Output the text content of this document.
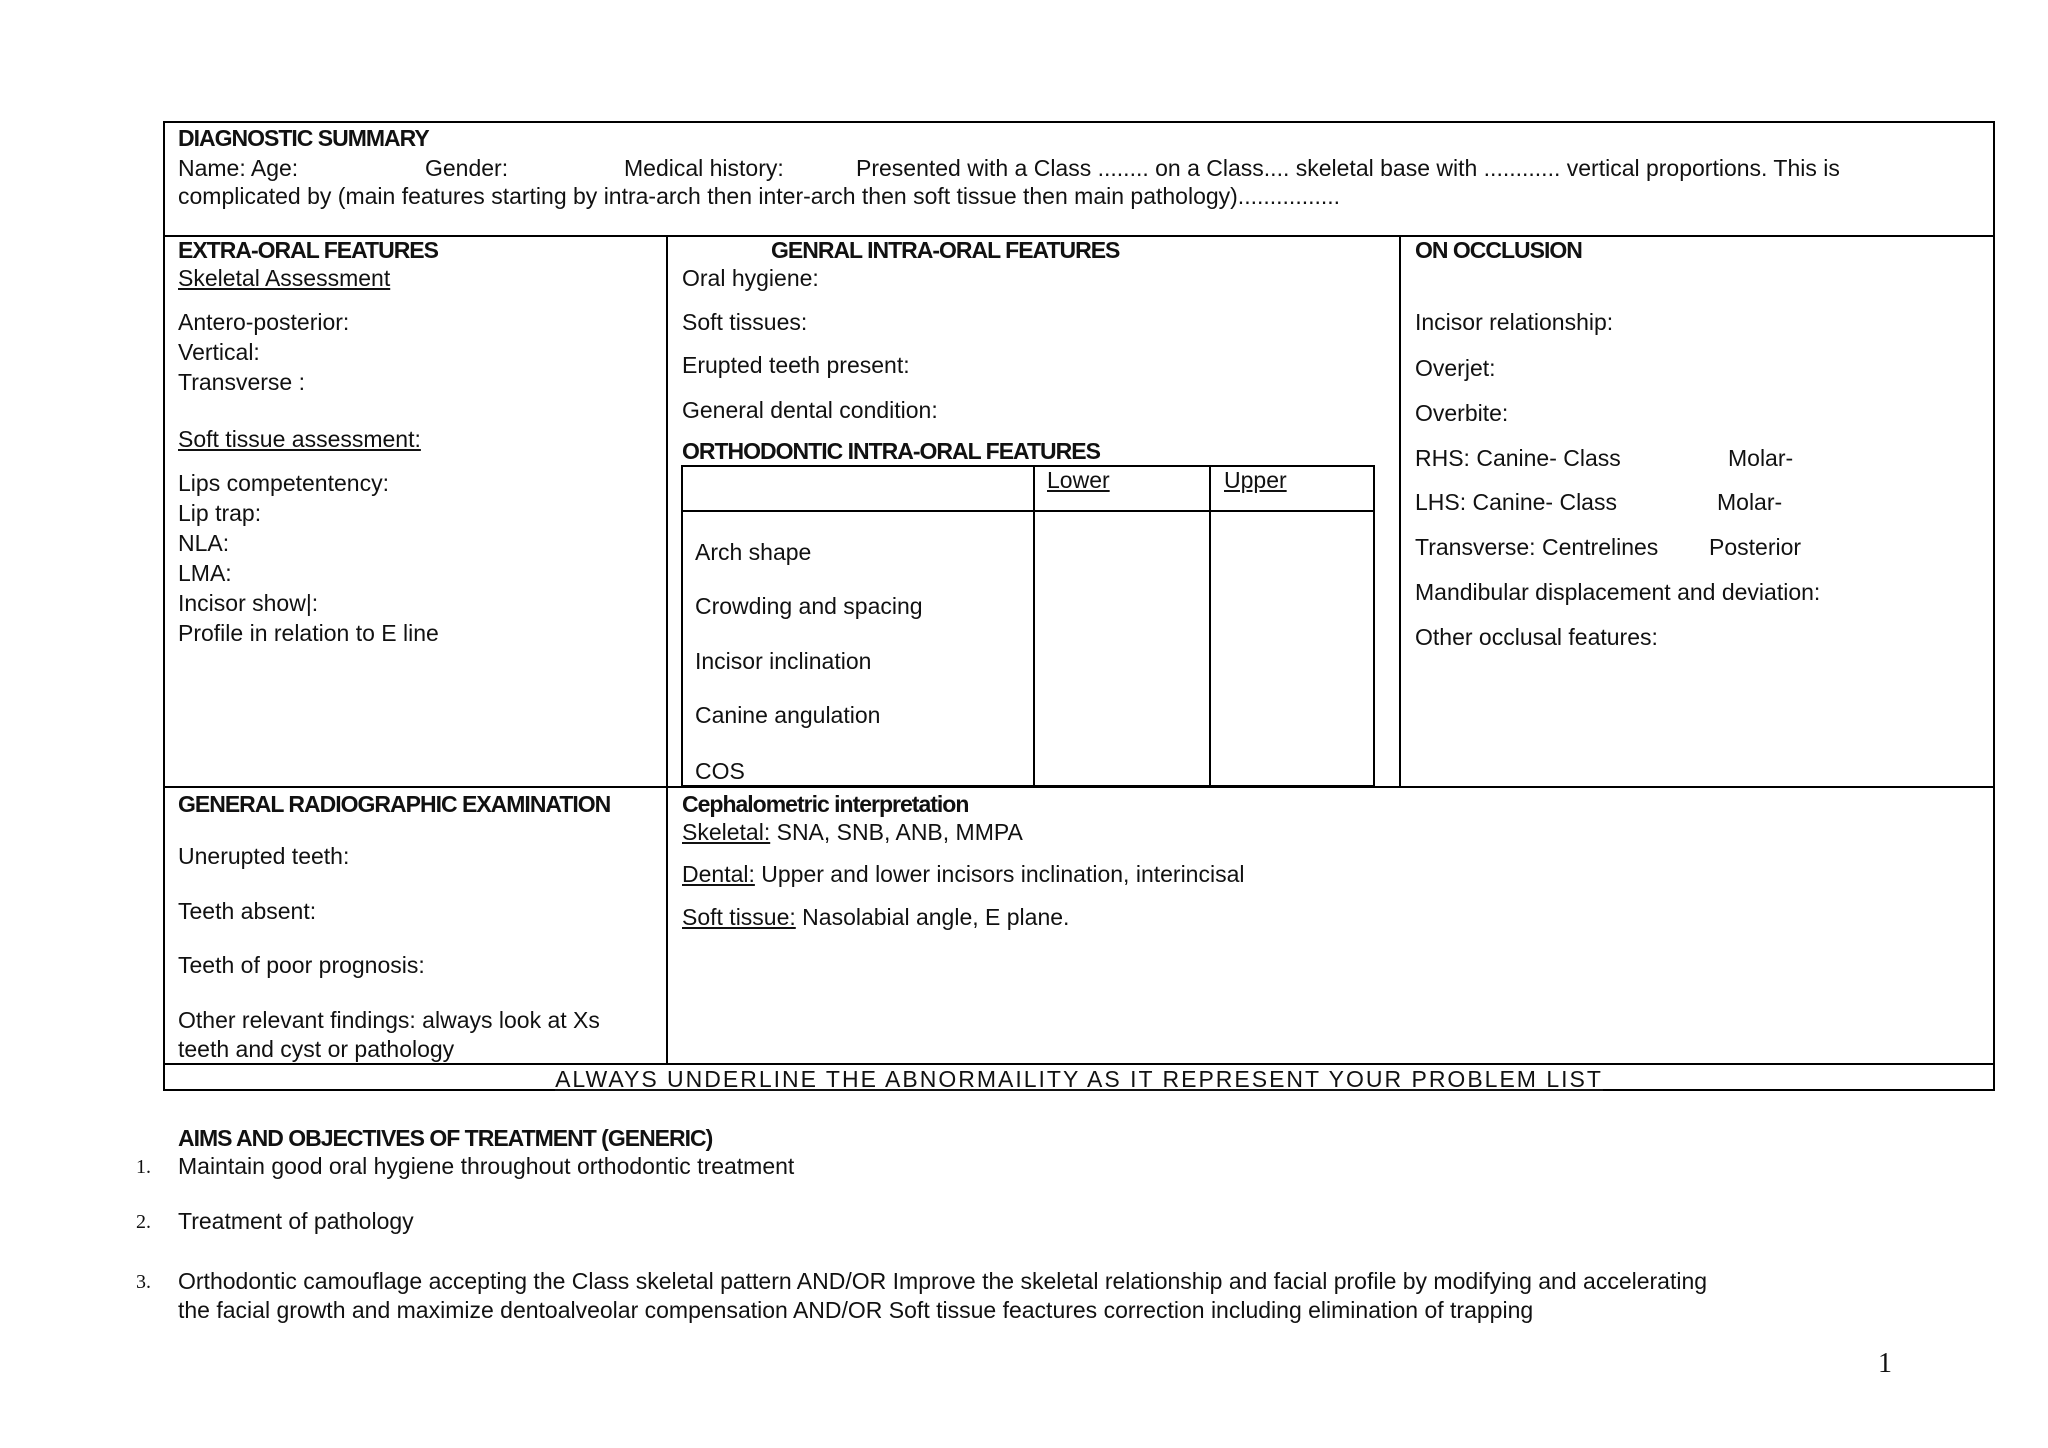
DIAGNOSTIC SUMMARY
Name: Age:	Gender:	Medical history:	Presented with a Class ........ on a Class.... skeletal base with ............ vertical proportions. This is
complicated by (main features starting by intra-arch then inter-arch then soft tissue then main pathology)................
EXTRA-ORAL FEATURES
Skeletal Assessment
Antero-posterior:
Vertical:
Transverse :
Soft tissue assessment:
Lips competentency:
Lip trap:
NLA:
LMA:
Incisor show|:
Profile in relation to E line
GENRAL INTRA-ORAL FEATURES
Oral hygiene:
Soft tissues:
Erupted teeth present:
General dental condition:
ORTHODONTIC INTRA-ORAL FEATURES
Lower	Upper
Arch shape
Crowding and spacing
Incisor inclination
Canine angulation
COS
ON OCCLUSION
Incisor relationship:
Overjet:
Overbite:
RHS: Canine- Class	Molar-
LHS: Canine- Class	Molar-
Transverse: Centrelines Posterior
Mandibular displacement and deviation:
Other occlusal features:
GENERAL RADIOGRAPHIC EXAMINATION
Unerupted teeth:
Teeth absent:
Teeth of poor prognosis:
Other relevant findings: always look at Xs
teeth and cyst or pathology
Cephalometric interpretation
Skeletal: SNA, SNB, ANB, MMPA
Dental: Upper and lower incisors inclination, interincisal
Soft tissue: Nasolabial angle, E plane.
ALWAYS UNDERLINE THE ABNORMAILITY AS IT REPRESENT YOUR PROBLEM LIST
AIMS AND OBJECTIVES OF TREATMENT (GENERIC)
1. Maintain good oral hygiene throughout orthodontic treatment
2. Treatment of pathology
3. Orthodontic camouflage accepting the Class skeletal pattern AND/OR Improve the skeletal relationship and facial profile by modifying and accelerating
the facial growth and maximize dentoalveolar compensation AND/OR Soft tissue feactures correction including elimination of trapping
1
